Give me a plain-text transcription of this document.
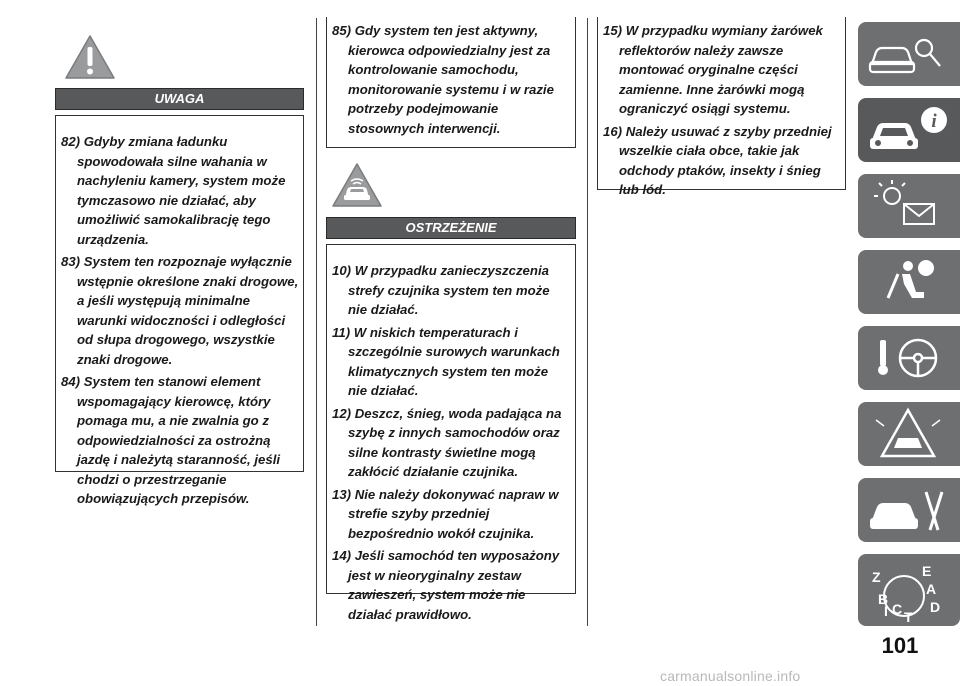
UWAGA

82) Gdyby zmiana ładunku spowodowała silne wahania w nachyleniu kamery, system może tymczasowo nie działać, aby umożliwić samokalibrację tego urządzenia.

83) System ten rozpoznaje wyłącznie wstępnie określone znaki drogowe, a jeśli występują minimalne warunki widoczności i odległości od słupa drogowego, wszystkie znaki drogowe.

84) System ten stanowi element wspomagający kierowcę, który pomaga mu, a nie zwalnia go z odpowiedzialności za ostrożną jazdę i należytą staranność, jeśli chodzi o przestrzeganie obowiązujących przepisów.

85) Gdy system ten jest aktywny, kierowca odpowiedzialny jest za kontrolowanie samochodu, monitorowanie systemu i w razie potrzeby podejmowanie stosownych interwencji.

OSTRZEŻENIE

10) W przypadku zanieczyszczenia strefy czujnika system ten może nie działać.

11) W niskich temperaturach i szczególnie surowych warunkach klimatycznych system ten może nie działać.

12) Deszcz, śnieg, woda padająca na szybę z innych samochodów oraz silne kontrasty świetlne mogą zakłócić działanie czujnika.

13) Nie należy dokonywać napraw w strefie szyby przedniej bezpośrednio wokół czujnika.

14) Jeśli samochód ten wyposażony jest w nieoryginalny zestaw zawieszeń, system może nie działać prawidłowo.

15) W przypadku wymiany żarówek reflektorów należy zawsze montować oryginalne części zamienne. Inne żarówki mogą ograniczyć osiągi systemu.

16) Należy usuwać z szyby przedniej wszelkie ciała obce, takie jak odchody ptaków, insekty i śnieg lub lód.

i
Z	E
A
B
C D
I T
101
carmanualsonline.info
